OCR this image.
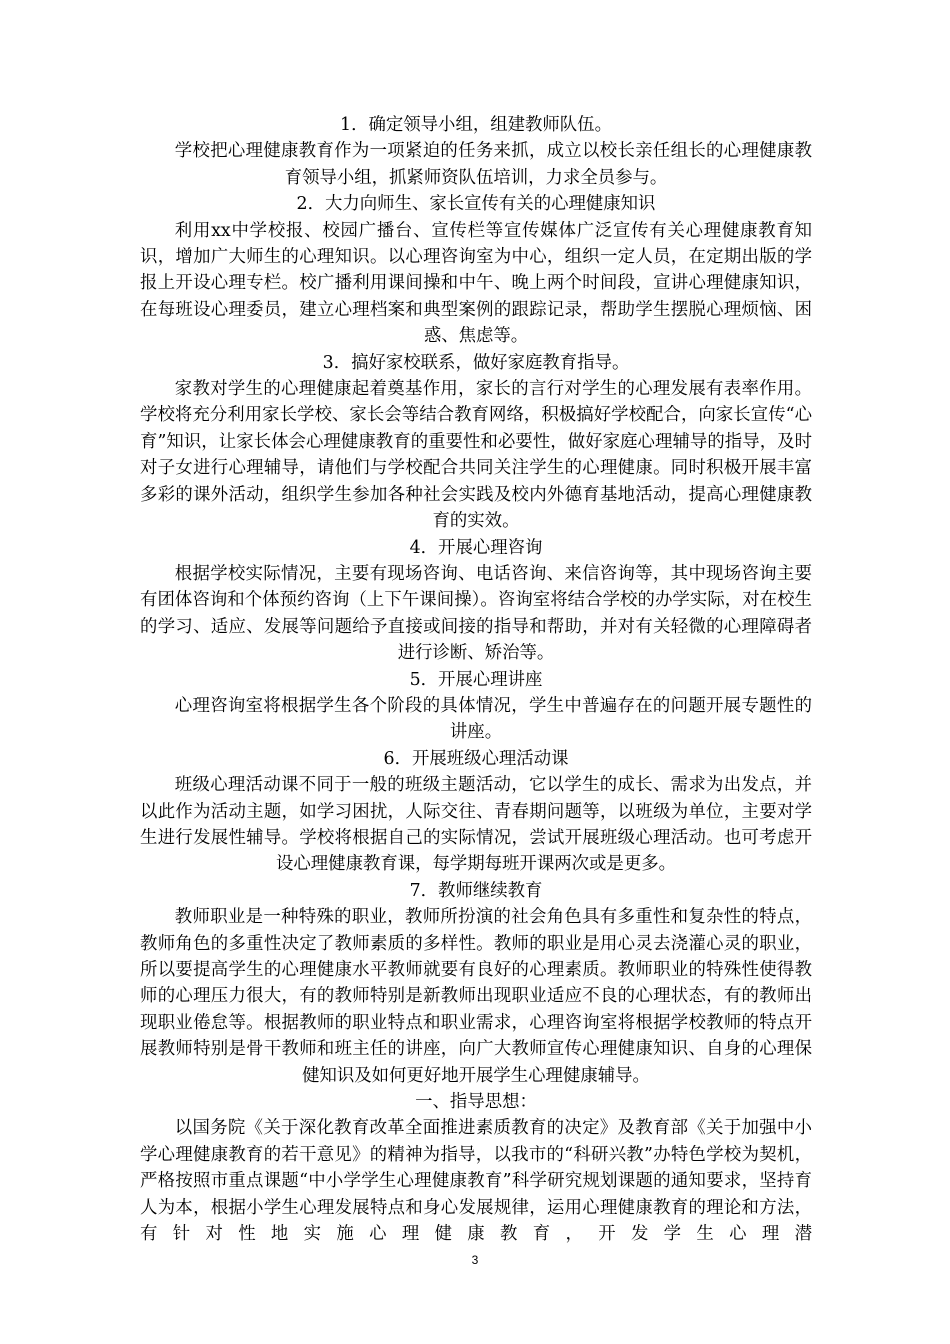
1．确定领导小组，组建教师队伍。

学校把心理健康教育作为一项紧迫的任务来抓，成立以校长亲任组长的心理健康教育领导小组，抓紧师资队伍培训，力求全员参与。

2．大力向师生、家长宣传有关的心理健康知识

利用xx中学校报、校园广播台、宣传栏等宣传媒体广泛宣传有关心理健康教育知识，增加广大师生的心理知识。以心理咨询室为中心，组织一定人员，在定期出版的学报上开设心理专栏。校广播利用课间操和中午、晚上两个时间段，宣讲心理健康知识，在每班设心理委员，建立心理档案和典型案例的跟踪记录，帮助学生摆脱心理烦恼、困惑、焦虑等。

3．搞好家校联系，做好家庭教育指导。

家教对学生的心理健康起着奠基作用，家长的言行对学生的心理发展有表率作用。学校将充分利用家长学校、家长会等结合教育网络，积极搞好学校配合，向家长宣传“心育”知识，让家长体会心理健康教育的重要性和必要性，做好家庭心理辅导的指导，及时对子女进行心理辅导，请他们与学校配合共同关注学生的心理健康。同时积极开展丰富多彩的课外活动，组织学生参加各种社会实践及校内外德育基地活动，提高心理健康教育的实效。

4．开展心理咨询

根据学校实际情况，主要有现场咨询、电话咨询、来信咨询等，其中现场咨询主要有团体咨询和个体预约咨询（上下午课间操）。咨询室将结合学校的办学实际，对在校生的学习、适应、发展等问题给予直接或间接的指导和帮助，并对有关轻微的心理障碍者进行诊断、矫治等。

5．开展心理讲座

心理咨询室将根据学生各个阶段的具体情况，学生中普遍存在的问题开展专题性的讲座。

6．开展班级心理活动课

班级心理活动课不同于一般的班级主题活动，它以学生的成长、需求为出发点，并以此作为活动主题，如学习困扰，人际交往、青春期问题等，以班级为单位，主要对学生进行发展性辅导。学校将根据自己的实际情况，尝试开展班级心理活动。也可考虑开设心理健康教育课，每学期每班开课两次或是更多。

7．教师继续教育

教师职业是一种特殊的职业，教师所扮演的社会角色具有多重性和复杂性的特点，教师角色的多重性决定了教师素质的多样性。教师的职业是用心灵去浇灌心灵的职业，所以要提高学生的心理健康水平教师就要有良好的心理素质。教师职业的特殊性使得教师的心理压力很大，有的教师特别是新教师出现职业适应不良的心理状态，有的教师出现职业倦怠等。根据教师的职业特点和职业需求，心理咨询室将根据学校教师的特点开展教师特别是骨干教师和班主任的讲座，向广大教师宣传心理健康知识、自身的心理保健知识及如何更好地开展学生心理健康辅导。

一、指导思想：

以国务院《关于深化教育改革全面推进素质教育的决定》及教育部《关于加强中小学心理健康教育的若干意见》的精神为指导，以我市的“科研兴教”办特色学校为契机，严格按照市重点课题“中小学学生心理健康教育”科学研究规划课题的通知要求，坚持育人为本，根据小学生心理发展特点和身心发展规律，运用心理健康教育的理论和方法，有针对性地实施心理健康教育，开发学生心理潜

3
